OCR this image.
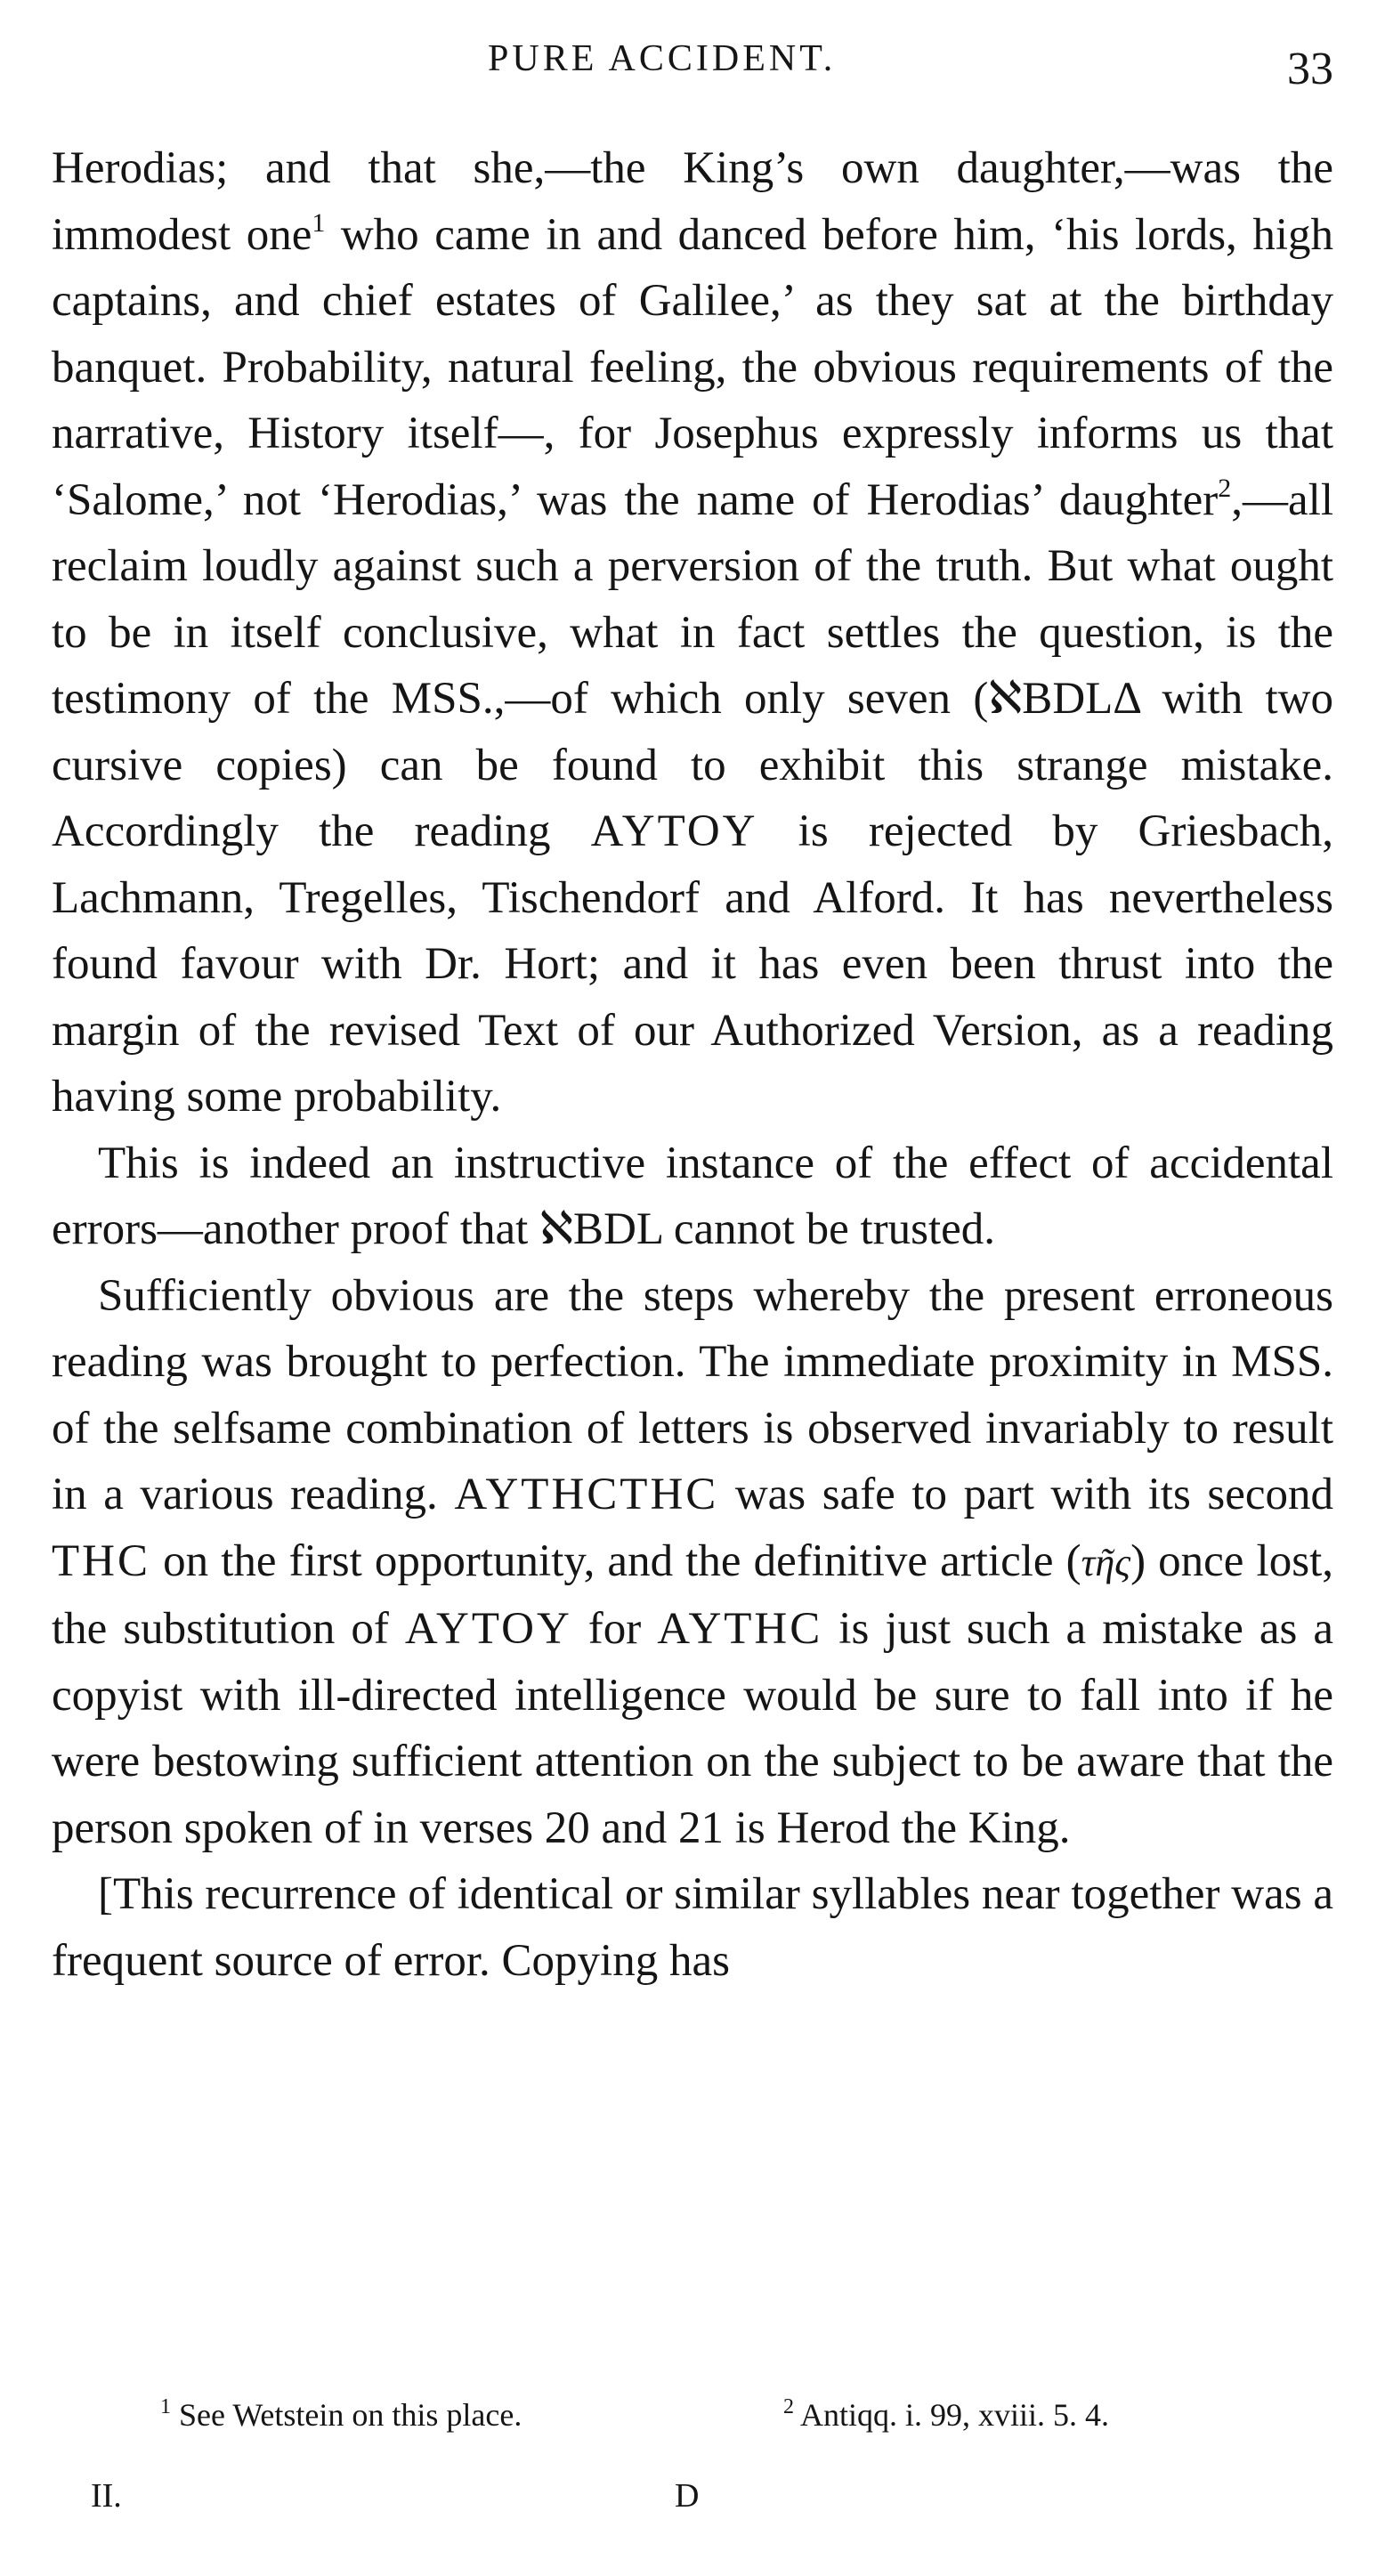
PURE ACCIDENT.	33

Herodias; and that she,—the King’s own daughter,—was the immodest one$^1$ who came in and danced before him, ‘his lords, high captains, and chief estates of Galilee,’ as they sat at the birthday banquet. Probability, natural feeling, the obvious requirements of the narrative, History itself—, for Josephus expressly informs us that ‘Salome,’ not ‘Herodias,’ was the name of Herodias’ daughter$^2$,—all reclaim loudly against such a perversion of the truth. But what ought to be in itself conclusive, what in fact settles the question, is the testimony of the MSS.,—of which only seven (ℵBDLΔ with two cursive copies) can be found to exhibit this strange mistake. Accordingly the reading AYTOY is rejected by Griesbach, Lachmann, Tregelles, Tischendorf and Alford. It has nevertheless found favour with Dr. Hort; and it has even been thrust into the margin of the revised Text of our Authorized Version, as a reading having some probability.

This is indeed an instructive instance of the effect of accidental errors—another proof that ℵBDL cannot be trusted.

Sufficiently obvious are the steps whereby the present erroneous reading was brought to perfection. The immediate proximity in MSS. of the selfsame combination of letters is observed invariably to result in a various reading. AYTHCTHC was safe to part with its second THC on the first opportunity, and the definitive article (τῆς) once lost, the substitution of AYTOY for AYTHC is just such a mistake as a copyist with ill-directed intelligence would be sure to fall into if he were bestowing sufficient attention on the subject to be aware that the person spoken of in verses 20 and 21 is Herod the King.

[This recurrence of identical or similar syllables near together was a frequent source of error. Copying has

$^1$ See Wetstein on this place.	$^2$ Antiqq. i. 99, xviii. 5. 4.
II.	D
